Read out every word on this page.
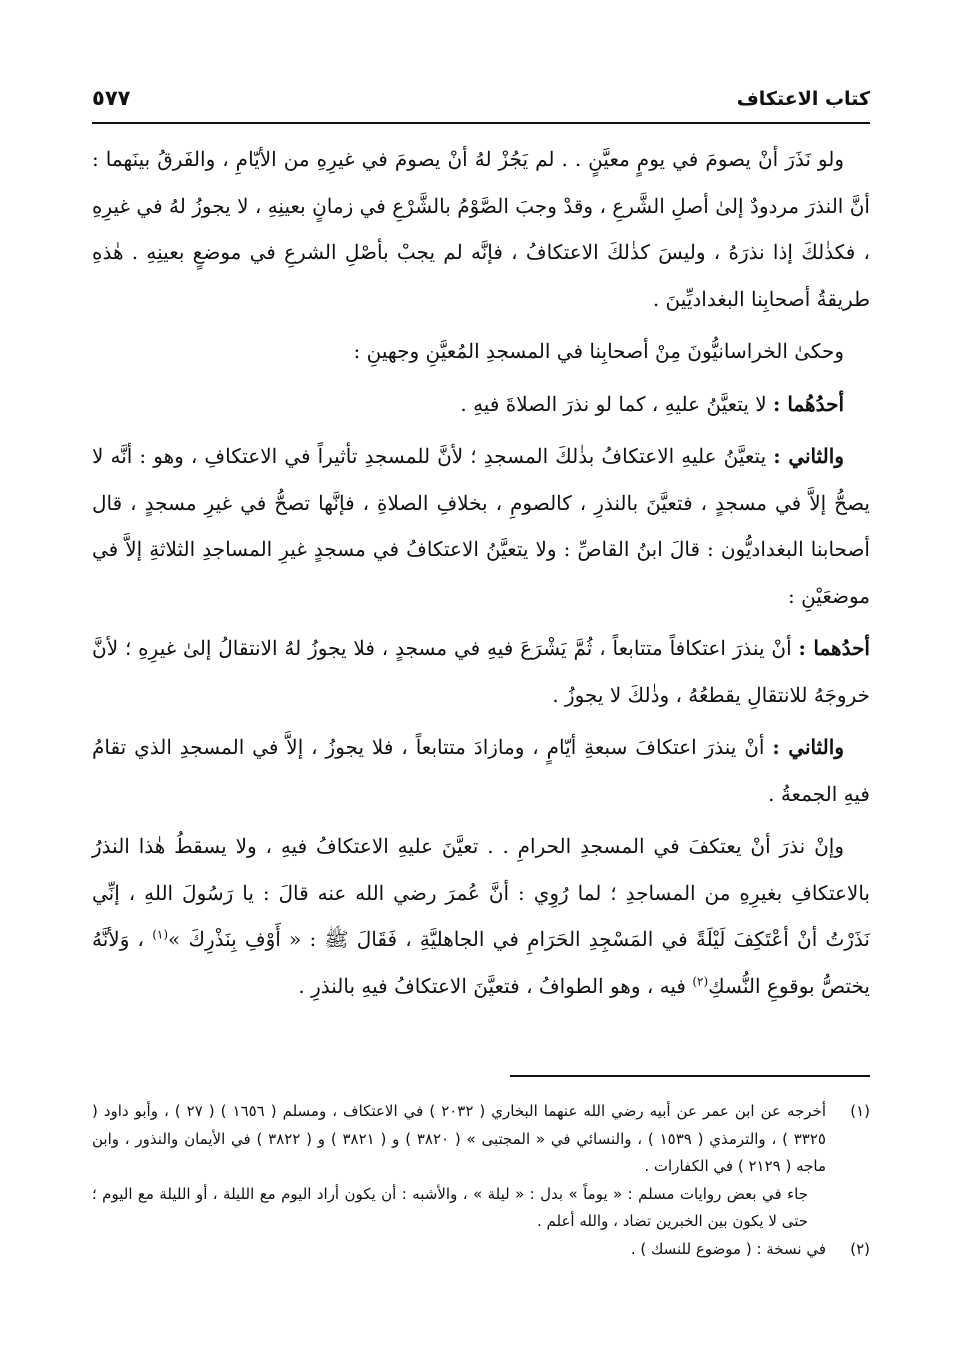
كتاب الاعتكاف
٥٧٧

ولو نَذَرَ أنْ يصومَ في يومٍ معيَّنٍ . . لم يَجُزْ لهُ أنْ يصومَ في غيرِهِ من الأيّامِ ، والفَرقُ بينَهما : أنَّ النذرَ مردودٌ إلىٰ أصلِ الشَّرعِ ، وقدْ وجبَ الصَّوْمُ بالشَّرْعِ في زمانٍ بعينِهِ ، لا يجوزُ لهُ في غيرِهِ ، فكذٰلكَ إذا نذرَهُ ، وليسَ كذٰلكَ الاعتكافُ ، فإنَّه لم يجبْ بأصْلِ الشرعِ في موضعٍ بعينِهِ . هٰذهِ طريقةُ أصحابِنا البغداديِّينَ .

وحكىٰ الخراسانيُّونَ مِنْ أصحابِنا في المسجدِ المُعيَّنِ وجهينِ :

أحدُهُما : لا يتعيَّنُ عليهِ ، كما لو نذرَ الصلاةَ فيهِ .

والثاني : يتعيَّنُ عليهِ الاعتكافُ بذٰلكَ المسجدِ ؛ لأنَّ للمسجدِ تأثيراً في الاعتكافِ ، وهو : أنَّه لا يصحُّ إلاَّ في مسجدٍ ، فتعيَّنَ بالنذرِ ، كالصومِ ، بخلافِ الصلاةِ ، فإنَّها تصحُّ في غيرِ مسجدٍ ، قال أصحابنا البغداديُّون : قالَ ابنُ القاصِّ : ولا يتعيَّنُ الاعتكافُ في مسجدٍ غيرِ المساجدِ الثلاثةِ إلاَّ في موضعَيْنِ :

أحدُهما : أنْ ينذرَ اعتكافاً متتابعاً ، ثُمَّ يَشْرَعَ فيهِ في مسجدٍ ، فلا يجوزُ لهُ الانتقالُ إلىٰ غيرِهِ ؛ لأنَّ خروجَهُ للانتقالِ يقطعُهُ ، وذٰلكَ لا يجوزُ .

والثاني : أنْ ينذرَ اعتكافَ سبعةِ أيّامٍ ، ومازادَ متتابعاً ، فلا يجوزُ ، إلاَّ في المسجدِ الذي تقامُ فيهِ الجمعةُ .

وإنْ نذرَ أنْ يعتكفَ في المسجدِ الحرامِ . . تعيَّنَ عليهِ الاعتكافُ فيهِ ، ولا يسقطُ هٰذا النذرُ بالاعتكافِ بغيرِهِ من المساجدِ ؛ لما رُوِي : أنَّ عُمرَ رضي الله عنه قالَ : يا رَسُولَ اللهِ ، إنِّي نَذَرْتُ أنْ أعْتَكِفَ لَيْلَةً في المَسْجِدِ الحَرَامِ في الجاهليَّةِ ، فَقَالَ ﷺ : « أَوْفِ بِنَذْرِكَ »$^{(١)}$ ، وَلأنَّهُ يختصُّ بوقوعِ النُّسكِ$^{(٢)}$ فيه ، وهو الطوافُ ، فتعيَّنَ الاعتكافُ فيهِ بالنذرِ .

(١)
أخرجه عن ابن عمر عن أبيه رضي الله عنهما البخاري ( ٢٠٣٢ ) في الاعتكاف ، ومسلم ( ١٦٥٦ ) ( ٢٧ ) ، وأبو داود ( ٣٣٢٥ ) ، والترمذي ( ١٥٣٩ ) ، والنسائي في « المجتبى » ( ٣٨٢٠ ) و ( ٣٨٢١ ) و ( ٣٨٢٢ ) في الأيمان والنذور ، وابن ماجه ( ٢١٢٩ ) في الكفارات .
جاء في بعض روايات مسلم : « يوماً » بدل : « ليلة » ، والأشبه : أن يكون أراد اليوم مع الليلة ، أو الليلة مع اليوم ؛ حتى لا يكون بين الخبرين تضاد ، والله أعلم .
(٢)
في نسخة : ( موضوع للنسك ) .
